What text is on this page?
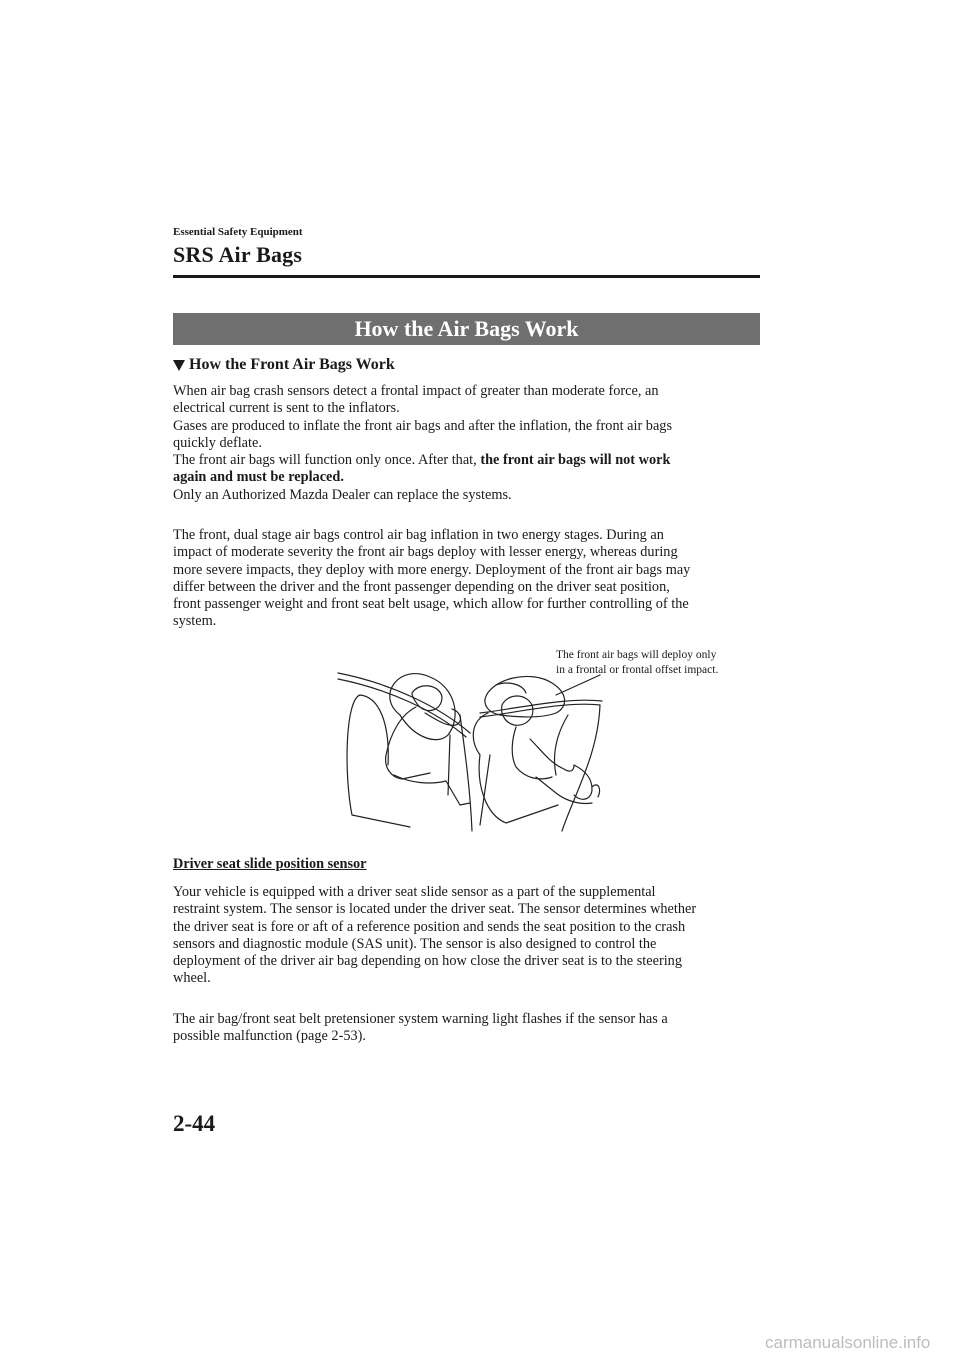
Essential Safety Equipment
SRS Air Bags
How the Air Bags Work
How the Front Air Bags Work

When air bag crash sensors detect a frontal impact of greater than moderate force, an

electrical current is sent to the inflators.

Gases are produced to inflate the front air bags and after the inflation, the front air bags

quickly deflate.

The front air bags will function only once. After that, the front air bags will not work

again and must be replaced.

Only an Authorized Mazda Dealer can replace the systems.

The front, dual stage air bags control air bag inflation in two energy stages. During an

impact of moderate severity the front air bags deploy with lesser energy, whereas during

more severe impacts, they deploy with more energy. Deployment of the front air bags may

differ between the driver and the front passenger depending on the driver seat position,

front passenger weight and front seat belt usage, which allow for further controlling of the

system.

The front air bags will deploy only
in a frontal or frontal offset impact.
Driver seat slide position sensor

Your vehicle is equipped with a driver seat slide sensor as a part of the supplemental

restraint system. The sensor is located under the driver seat. The sensor determines whether

the driver seat is fore or aft of a reference position and sends the seat position to the crash

sensors and diagnostic module (SAS unit). The sensor is also designed to control the

deployment of the driver air bag depending on how close the driver seat is to the steering

wheel.

The air bag/front seat belt pretensioner system warning light flashes if the sensor has a

possible malfunction (page 2-53).

2-44
carmanualsonline.info
